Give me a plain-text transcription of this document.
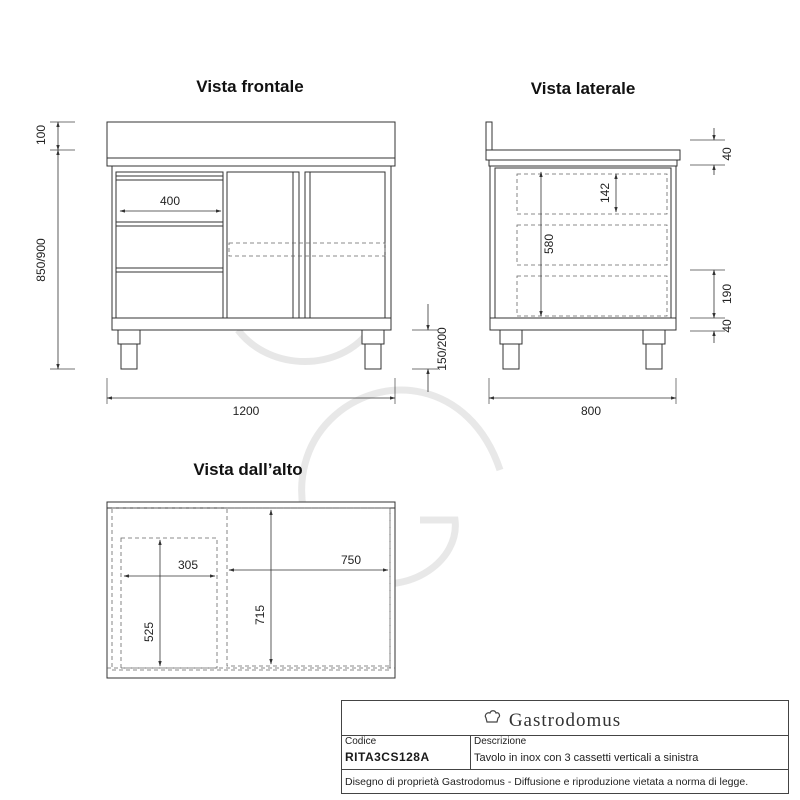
Vista frontale
100
850/900
400
150/200
1200
Vista laterale
40
142
580
190
40
800
Vista dall’alto
305
525
750
715
Gastrodomus
Codice
RITA3CS128A
Descrizione
Tavolo in inox con 3 cassetti verticali a sinistra
Disegno di proprietà Gastrodomus - Diffusione e riproduzione vietata a norma di legge.
